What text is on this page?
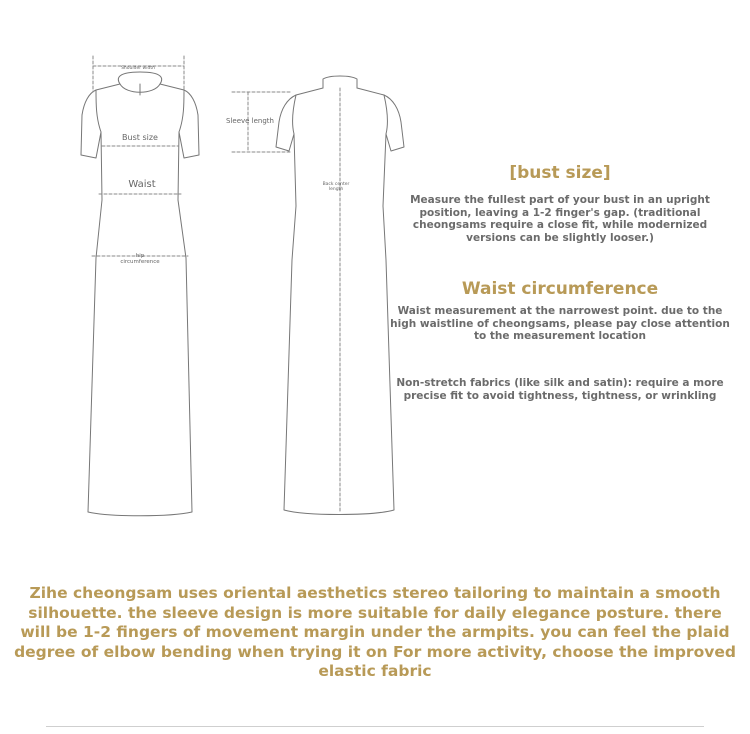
Shoulder width
Bust size
Waist
hip
circumference
Sleeve length
Back center
length
[bust size]

Measure the fullest part of your bust in an upright position, leaving a 1-2 finger's gap. (traditional cheongsams require a close fit, while modernized versions can be slightly looser.)

Waist circumference

Waist measurement at the narrowest point. due to the high waistline of cheongsams, please pay close attention to the measurement location

Non-stretch fabrics (like silk and satin): require a more precise fit to avoid tightness, tightness, or wrinkling

Zihe cheongsam uses oriental aesthetics stereo tailoring to maintain a smooth silhouette. the sleeve design is more suitable for daily elegance posture. there will be 1-2 fingers of movement margin under the armpits. you can feel the plaid degree of elbow bending when trying it on For more activity, choose the improved elastic fabric
